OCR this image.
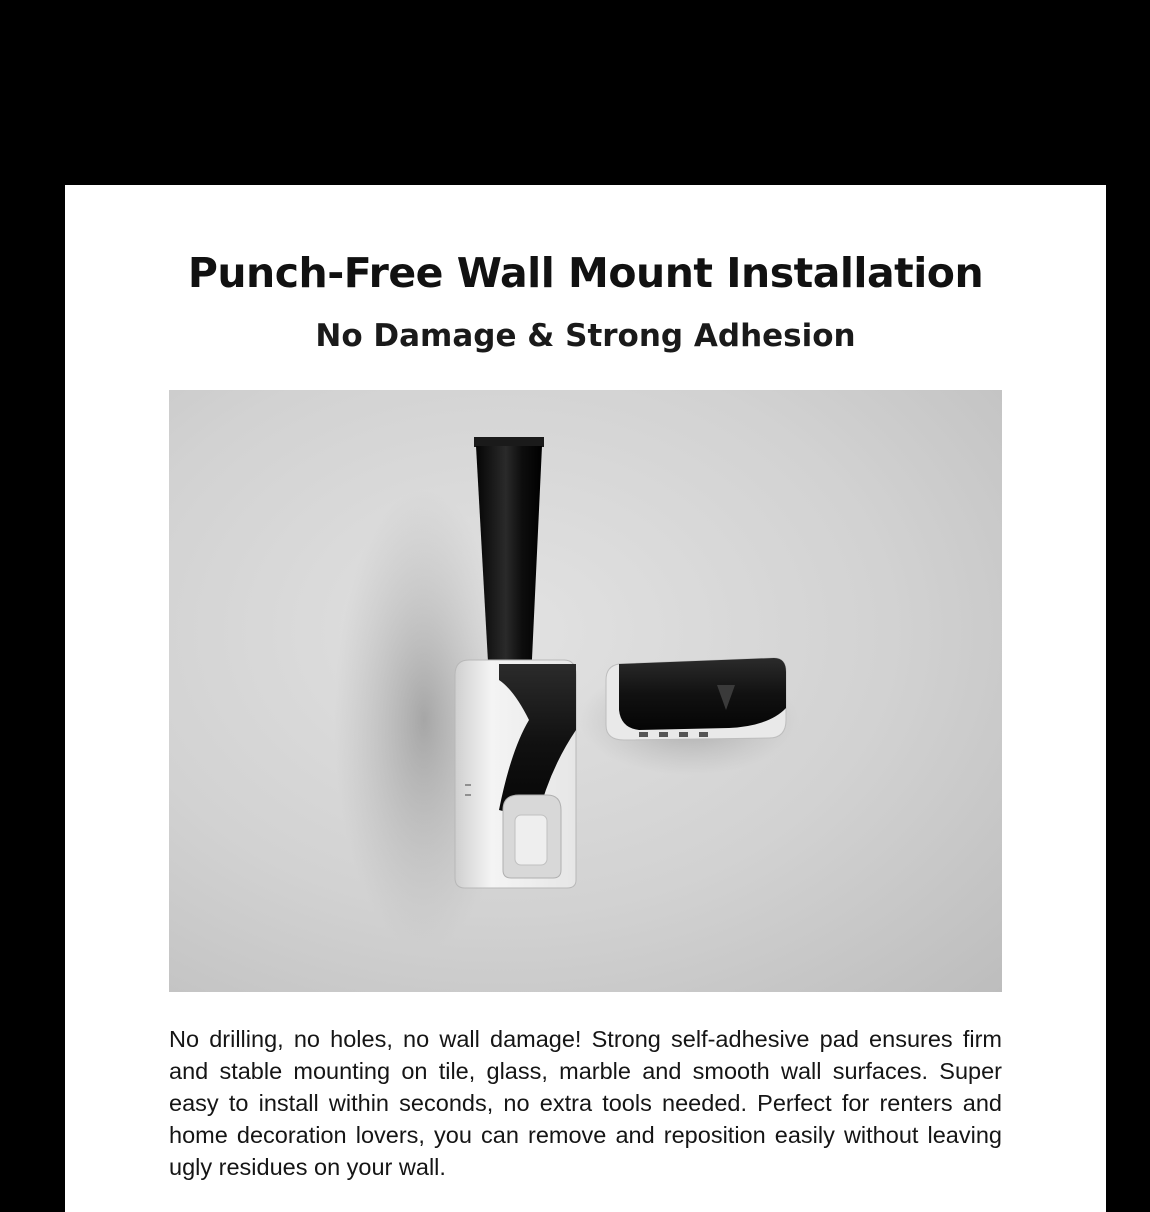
Punch-Free Wall Mount Installation
No Damage & Strong Adhesion

No drilling, no holes, no wall damage! Strong self-adhesive pad ensures firm and stable mounting on tile, glass, marble and smooth wall surfaces. Super easy to install within seconds, no extra tools needed. Perfect for renters and home decoration lovers, you can remove and reposition easily without leaving ugly residues on your wall.
